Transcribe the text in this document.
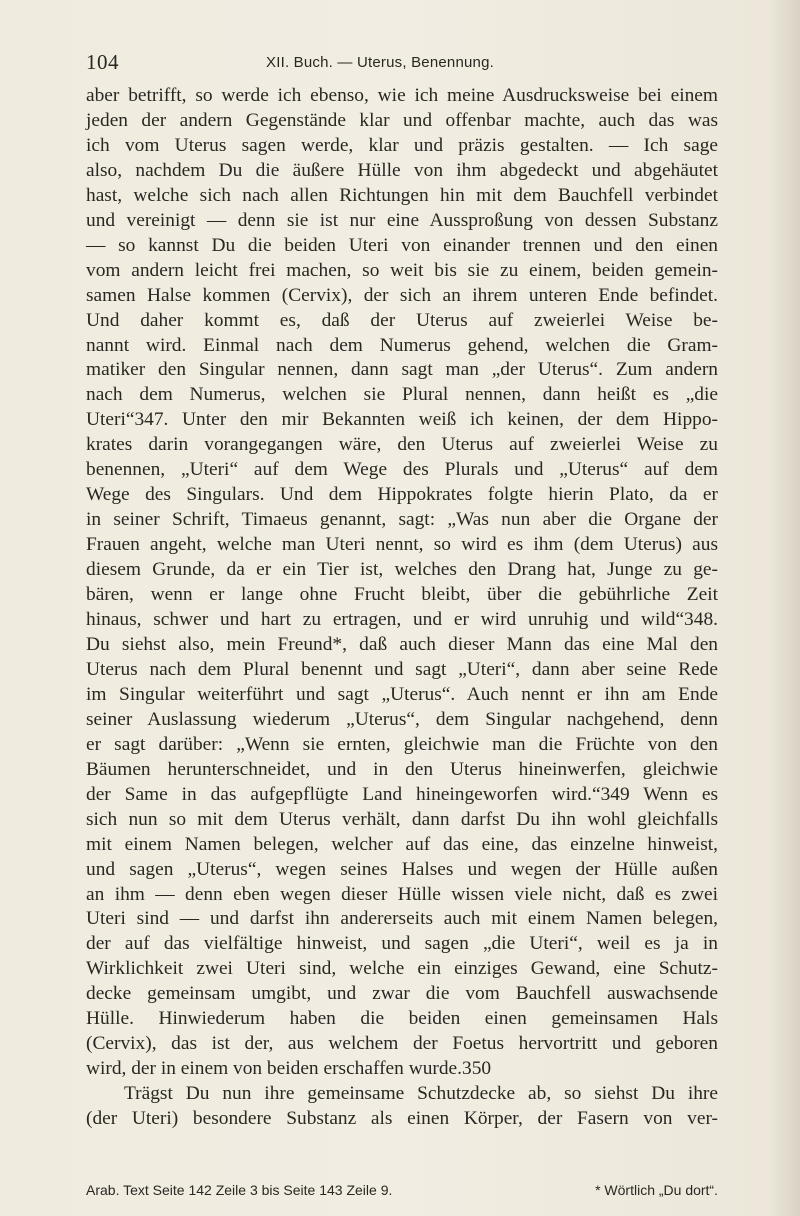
104	XII. Buch. — Uterus, Benennung.
aber betrifft, so werde ich ebenso, wie ich meine Ausdrucksweise bei einem
jeden der andern Gegenstände klar und offenbar machte, auch das was
ich vom Uterus sagen werde, klar und präzis gestalten. — Ich sage
also, nachdem Du die äußere Hülle von ihm abgedeckt und abgehäutet
hast, welche sich nach allen Richtungen hin mit dem Bauchfell verbindet
und vereinigt — denn sie ist nur eine Aussproßung von dessen Substanz
— so kannst Du die beiden Uteri von einander trennen und den einen
vom andern leicht frei machen, so weit bis sie zu einem, beiden gemein-
samen Halse kommen (Cervix), der sich an ihrem unteren Ende befindet.
Und daher kommt es, daß der Uterus auf zweierlei Weise be-
nannt wird. Einmal nach dem Numerus gehend, welchen die Gram-
matiker den Singular nennen, dann sagt man „der Uterus“. Zum andern
nach dem Numerus, welchen sie Plural nennen, dann heißt es „die
Uteri“347. Unter den mir Bekannten weiß ich keinen, der dem Hippo-
krates darin vorangegangen wäre, den Uterus auf zweierlei Weise zu
benennen, „Uteri“ auf dem Wege des Plurals und „Uterus“ auf dem
Wege des Singulars. Und dem Hippokrates folgte hierin Plato, da er
in seiner Schrift, Timaeus genannt, sagt: „Was nun aber die Organe der
Frauen angeht, welche man Uteri nennt, so wird es ihm (dem Uterus) aus
diesem Grunde, da er ein Tier ist, welches den Drang hat, Junge zu ge-
bären, wenn er lange ohne Frucht bleibt, über die gebührliche Zeit
hinaus, schwer und hart zu ertragen, und er wird unruhig und wild“348.
Du siehst also, mein Freund*, daß auch dieser Mann das eine Mal den
Uterus nach dem Plural benennt und sagt „Uteri“, dann aber seine Rede
im Singular weiterführt und sagt „Uterus“. Auch nennt er ihn am Ende
seiner Auslassung wiederum „Uterus“, dem Singular nachgehend, denn
er sagt darüber: „Wenn sie ernten, gleichwie man die Früchte von den
Bäumen herunterschneidet, und in den Uterus hineinwerfen, gleichwie
der Same in das aufgepflügte Land hineingeworfen wird.“349 Wenn es
sich nun so mit dem Uterus verhält, dann darfst Du ihn wohl gleichfalls
mit einem Namen belegen, welcher auf das eine, das einzelne hinweist,
und sagen „Uterus“, wegen seines Halses und wegen der Hülle außen
an ihm — denn eben wegen dieser Hülle wissen viele nicht, daß es zwei
Uteri sind — und darfst ihn andererseits auch mit einem Namen belegen,
der auf das vielfältige hinweist, und sagen „die Uteri“, weil es ja in
Wirklichkeit zwei Uteri sind, welche ein einziges Gewand, eine Schutz-
decke gemeinsam umgibt, und zwar die vom Bauchfell auswachsende
Hülle. Hinwiederum haben die beiden einen gemeinsamen Hals
(Cervix), das ist der, aus welchem der Foetus hervortritt und geboren
wird, der in einem von beiden erschaffen wurde.350
Trägst Du nun ihre gemeinsame Schutzdecke ab, so siehst Du ihre
(der Uteri) besondere Substanz als einen Körper, der Fasern von ver-
Arab. Text Seite 142 Zeile 3 bis Seite 143 Zeile 9.	* Wörtlich „Du dort“.
